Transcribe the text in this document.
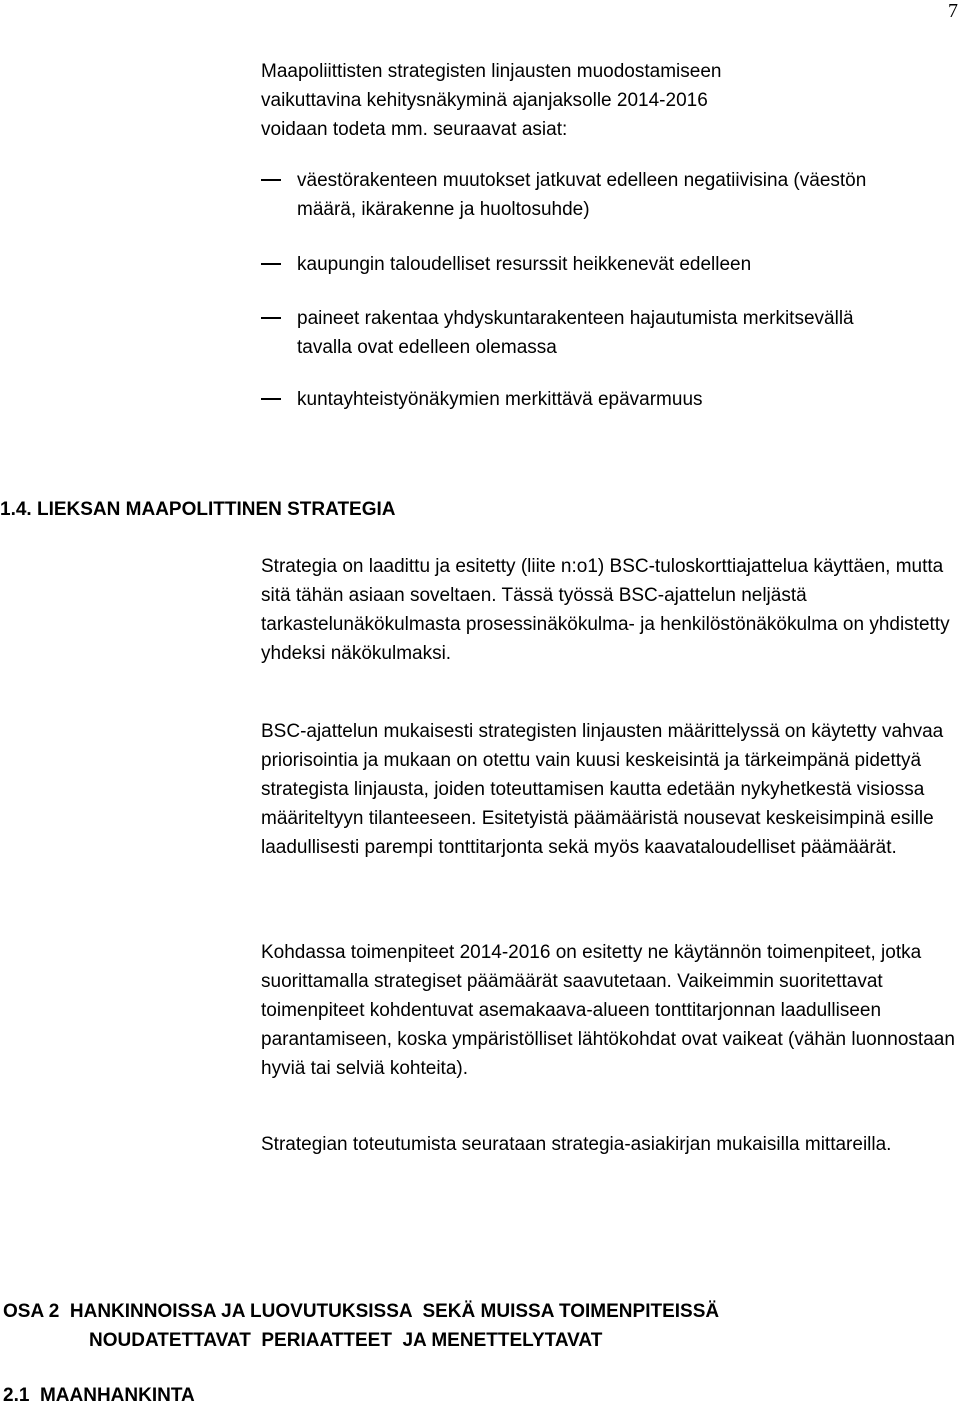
7

Maapoliittisten strategisten linjausten muodostamiseen vaikuttavina kehitysnäkyminä ajanjaksolle 2014-2016 voidaan todeta mm. seuraavat asiat:

väestörakenteen muutokset jatkuvat edelleen negatiivisina (väestön määrä, ikärakenne ja huoltosuhde)
kaupungin taloudelliset resurssit heikkenevät edelleen
paineet rakentaa yhdyskuntarakenteen hajautumista merkitsevällä tavalla ovat edelleen olemassa
kuntayhteistyönäkymien merkittävä epävarmuus
1.4. LIEKSAN MAAPOLITTINEN STRATEGIA

Strategia on laadittu ja esitetty (liite n:o1) BSC-tuloskorttiajattelua käyttäen, mutta sitä tähän asiaan soveltaen. Tässä työssä BSC-ajattelun neljästä tarkastelunäkökulmasta prosessinäkökulma- ja henkilöstönäkökulma on yhdistetty yhdeksi näkökulmaksi.

BSC-ajattelun mukaisesti strategisten linjausten määrittelyssä on käytetty vahvaa priorisointia ja mukaan on otettu vain kuusi keskeisintä ja tärkeimpänä pidettyä strategista linjausta, joiden toteuttamisen kautta edetään nykyhetkestä visiossa määriteltyyn tilanteeseen. Esitetyistä päämääristä nousevat keskeisimpinä esille laadullisesti parempi tonttitarjonta sekä myös kaavataloudelliset päämäärät.

Kohdassa toimenpiteet 2014-2016 on esitetty ne käytännön toimenpiteet, jotka suorittamalla strategiset päämäärät saavutetaan. Vaikeimmin suoritettavat toimenpiteet kohdentuvat asemakaava-alueen tonttitarjonnan laadulliseen parantamiseen, koska ympäristölliset lähtökohdat ovat vaikeat (vähän luonnostaan hyviä tai selviä kohteita).

Strategian toteutumista seurataan strategia-asiakirjan mukaisilla mittareilla.

OSA 2  HANKINNOISSA JA LUOVUTUKSISSA  SEKÄ MUISSA TOIMENPITEISSÄ
NOUDATETTAVAT  PERIAATTEET  JA MENETTELYTAVAT
2.1  MAANHANKINTA
